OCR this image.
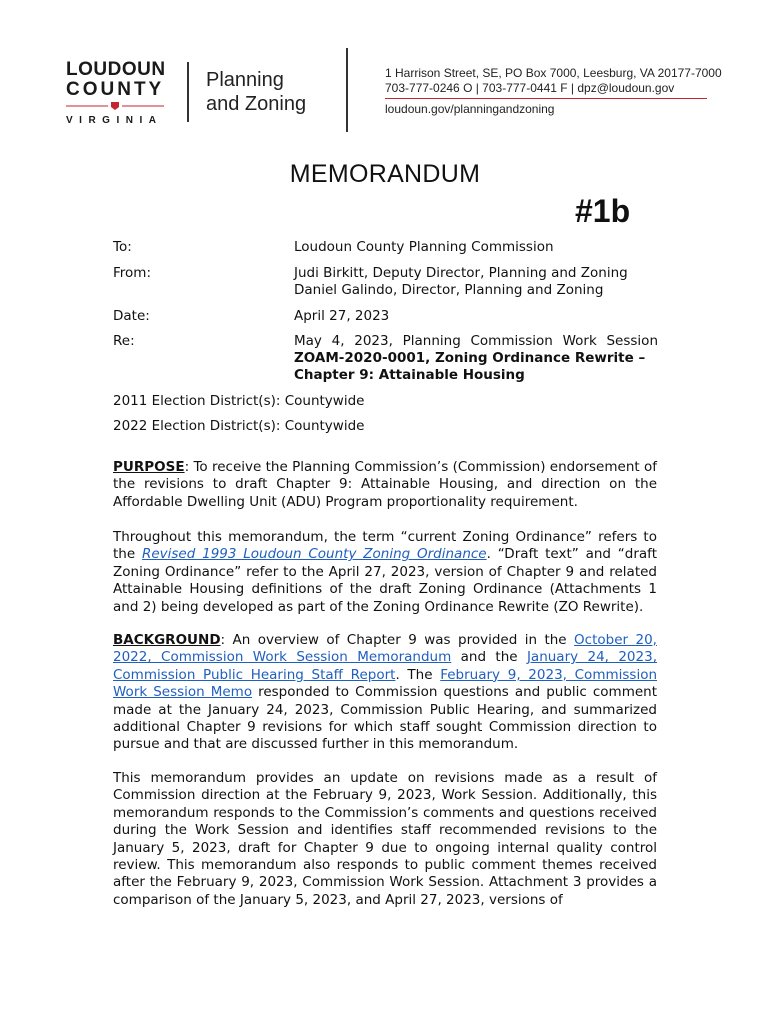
LOUDOUN
COUNTY
VIRGINIA
Planning
and Zoning
1 Harrison Street, SE, PO Box 7000, Leesburg, VA 20177-7000
703-777-0246 O | 703-777-0441 F | dpz@loudoun.gov
loudoun.gov/planningandzoning
MEMORANDUM
#1b
To:	Loudoun County Planning Commission
From:	Judi Birkitt, Deputy Director, Planning and Zoning
Daniel Galindo, Director, Planning and Zoning
Date:	April 27, 2023
Re:	May 4, 2023, Planning Commission Work Session
ZOAM-2020-0001, Zoning Ordinance Rewrite –
Chapter 9: Attainable Housing
2011 Election District(s): Countywide
2022 Election District(s): Countywide
PURPOSE: To receive the Planning Commission’s (Commission) endorsement of the revisions to draft Chapter 9: Attainable Housing, and direction on the Affordable Dwelling Unit (ADU) Program proportionality requirement.
Throughout this memorandum, the term “current Zoning Ordinance” refers to the Revised 1993 Loudoun County Zoning Ordinance. “Draft text” and “draft Zoning Ordinance” refer to the April 27, 2023, version of Chapter 9 and related Attainable Housing definitions of the draft Zoning Ordinance (Attachments 1 and 2) being developed as part of the Zoning Ordinance Rewrite (ZO Rewrite).
BACKGROUND: An overview of Chapter 9 was provided in the October 20, 2022, Commission Work Session Memorandum and the January 24, 2023, Commission Public Hearing Staff Report. The February 9, 2023, Commission Work Session Memo responded to Commission questions and public comment made at the January 24, 2023, Commission Public Hearing, and summarized additional Chapter 9 revisions for which staff sought Commission direction to pursue and that are discussed further in this memorandum.
This memorandum provides an update on revisions made as a result of Commission direction at the February 9, 2023, Work Session. Additionally, this memorandum responds to the Commission’s comments and questions received during the Work Session and identifies staff recommended revisions to the January 5, 2023, draft for Chapter 9 due to ongoing internal quality control review. This memorandum also responds to public comment themes received after the February 9, 2023, Commission Work Session. Attachment 3 provides a comparison of the January 5, 2023, and April 27, 2023, versions of
